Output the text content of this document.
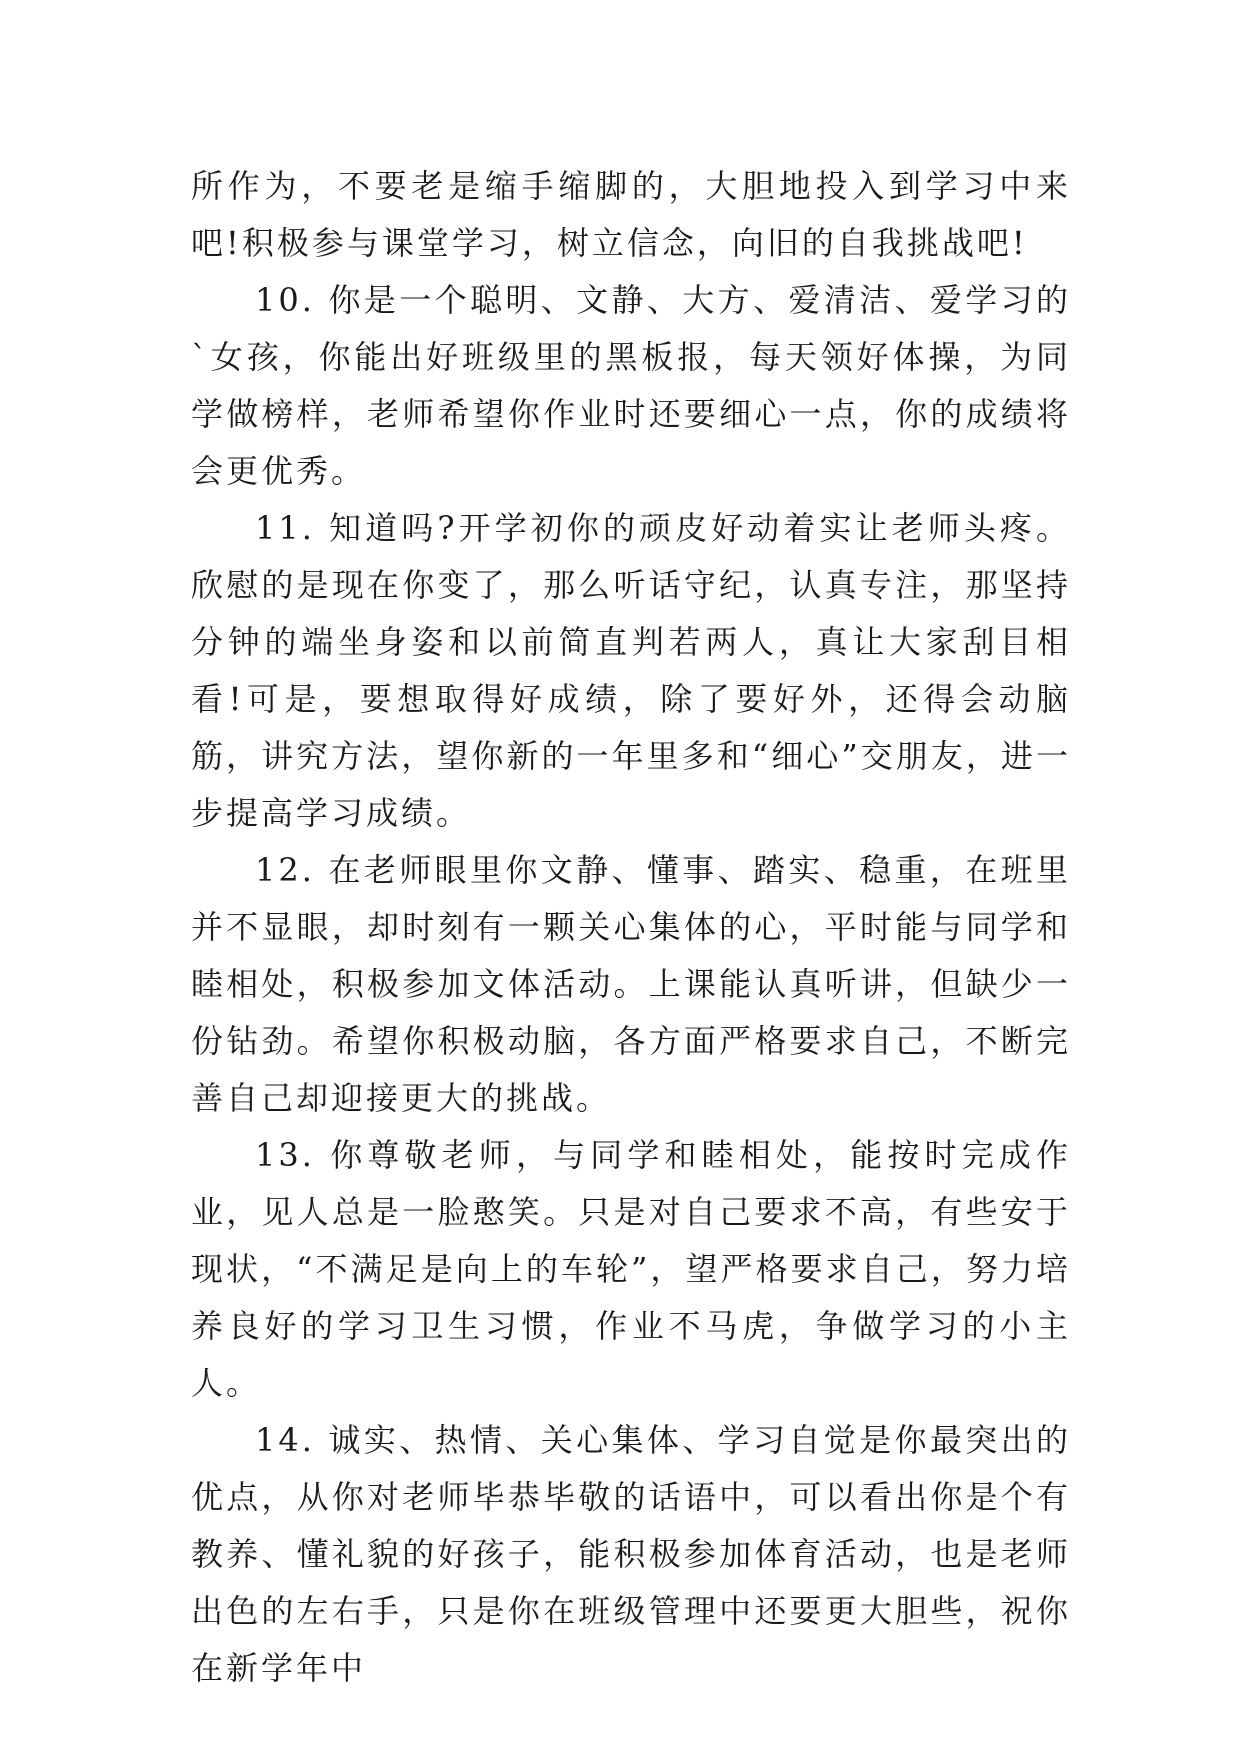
所作为，不要老是缩手缩脚的，大胆地投入到学习中来吧!积极参与课堂学习，树立信念，向旧的自我挑战吧!

10. 你是一个聪明、文静、大方、爱清洁、爱学习的`女孩，你能出好班级里的黑板报，每天领好体操，为同学做榜样，老师希望你作业时还要细心一点，你的成绩将会更优秀。

11. 知道吗?开学初你的顽皮好动着实让老师头疼。欣慰的是现在你变了，那么听话守纪，认真专注，那坚持分钟的端坐身姿和以前简直判若两人，真让大家刮目相看!可是，要想取得好成绩，除了要好外，还得会动脑筋，讲究方法，望你新的一年里多和“细心”交朋友，进一步提高学习成绩。

12. 在老师眼里你文静、懂事、踏实、稳重，在班里并不显眼，却时刻有一颗关心集体的心，平时能与同学和睦相处，积极参加文体活动。上课能认真听讲，但缺少一份钻劲。希望你积极动脑，各方面严格要求自己，不断完善自己却迎接更大的挑战。

13. 你尊敬老师，与同学和睦相处，能按时完成作业，见人总是一脸憨笑。只是对自己要求不高，有些安于现状，“不满足是向上的车轮”，望严格要求自己，努力培养良好的学习卫生习惯，作业不马虎，争做学习的小主人。

14. 诚实、热情、关心集体、学习自觉是你最突出的优点，从你对老师毕恭毕敬的话语中，可以看出你是个有教养、懂礼貌的好孩子，能积极参加体育活动，也是老师出色的左右手，只是你在班级管理中还要更大胆些，祝你在新学年中
